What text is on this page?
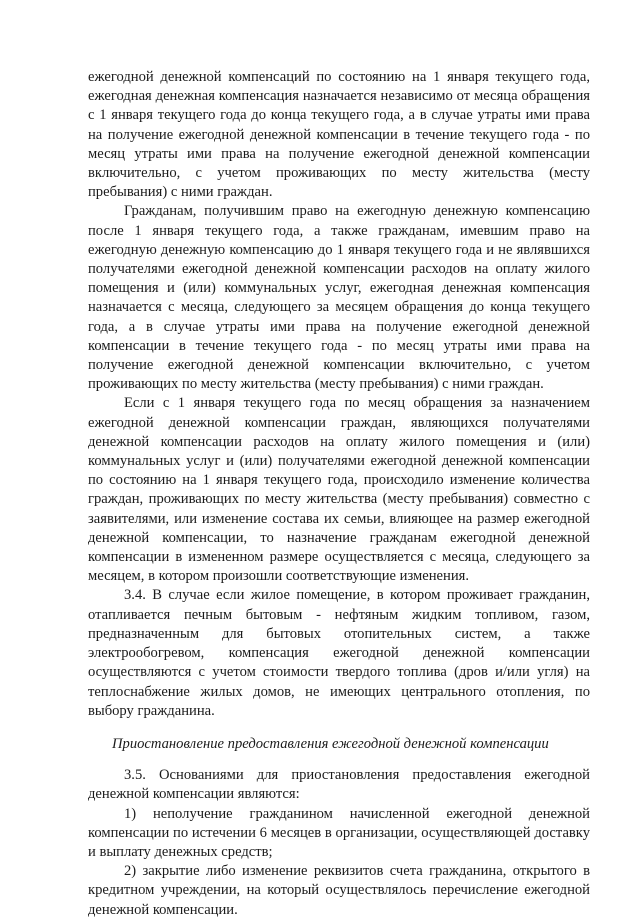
ежегодной денежной компенсаций по состоянию на 1 января текущего года, ежегодная денежная компенсация назначается независимо от месяца обращения с 1 января текущего года до конца текущего года, а в случае утраты ими права на получение ежегодной денежной компенсации в течение текущего года - по месяц утраты ими права на получение ежегодной денежной компенсации включительно, с учетом проживающих по месту жительства (месту пребывания) с ними граждан.

Гражданам, получившим право на ежегодную денежную компенсацию после 1 января текущего года, а также гражданам, имевшим право на ежегодную денежную компенсацию до 1 января текущего года и не являвшихся получателями ежегодной денежной компенсации расходов на оплату жилого помещения и (или) коммунальных услуг, ежегодная денежная компенсация назначается с месяца, следующего за месяцем обращения до конца текущего года, а в случае утраты ими права на получение ежегодной денежной компенсации в течение текущего года - по месяц утраты ими права на получение ежегодной денежной компенсации включительно, с учетом проживающих по месту жительства (месту пребывания) с ними граждан.

Если с 1 января текущего года по месяц обращения за назначением ежегодной денежной компенсации граждан, являющихся получателями денежной компенсации расходов на оплату жилого помещения и (или) коммунальных услуг и (или) получателями ежегодной денежной компенсации по состоянию на 1 января текущего года, происходило изменение количества граждан, проживающих по месту жительства (месту пребывания) совместно с заявителями, или изменение состава их семьи, влияющее на размер ежегодной денежной компенсации, то назначение гражданам ежегодной денежной компенсации в измененном размере осуществляется с месяца, следующего за месяцем, в котором произошли соответствующие изменения.

3.4. В случае если жилое помещение, в котором проживает гражданин, отапливается печным бытовым - нефтяным жидким топливом, газом, предназначенным для бытовых отопительных систем, а также электрообогревом, компенсация ежегодной денежной компенсации осуществляются с учетом стоимости твердого топлива (дров и/или угля) на теплоснабжение жилых домов, не имеющих центрального отопления, по выбору гражданина.

Приостановление предоставления ежегодной денежной компенсации

3.5. Основаниями для приостановления предоставления ежегодной денежной компенсации являются:

1) неполучение гражданином начисленной ежегодной денежной компенсации по истечении 6 месяцев в организации, осуществляющей доставку и выплату денежных средств;

2) закрытие либо изменение реквизитов счета гражданина, открытого в кредитном учреждении, на который осуществлялось перечисление ежегодной денежной компенсации.
